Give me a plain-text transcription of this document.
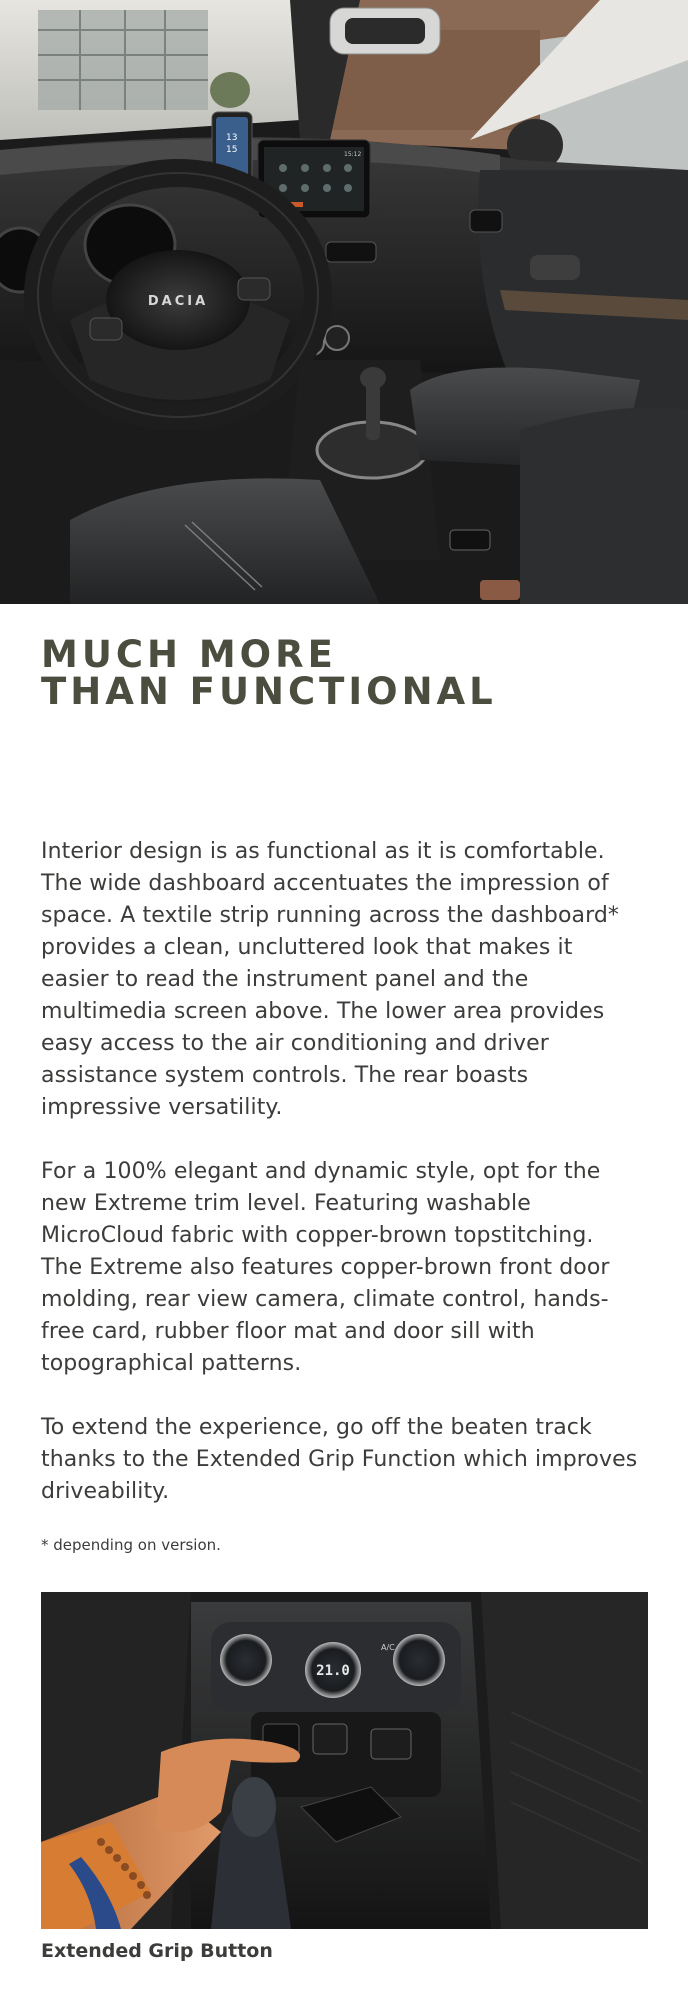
15:12
13
15
DACIA
MUCH MORE
THAN FUNCTIONAL

Interior design is as functional as it is comfortable. The wide dashboard accentuates the impression of space. A textile strip running across the dashboard* provides a clean, uncluttered look that makes it easier to read the instrument panel and the multimedia screen above. The lower area provides easy access to the air conditioning and driver assistance system controls. The rear boasts impressive versatility.

For a 100% elegant and dynamic style, opt for the new Extreme trim level. Featuring washable MicroCloud fabric with copper-brown topstitching. The Extreme also features copper-brown front door molding, rear view camera, climate control, hands-free card, rubber floor mat and door sill with topographical patterns.

To extend the experience, go off the beaten track thanks to the Extended Grip Function which improves driveability.

* depending on version.

21.0
A/C

Extended Grip Button
